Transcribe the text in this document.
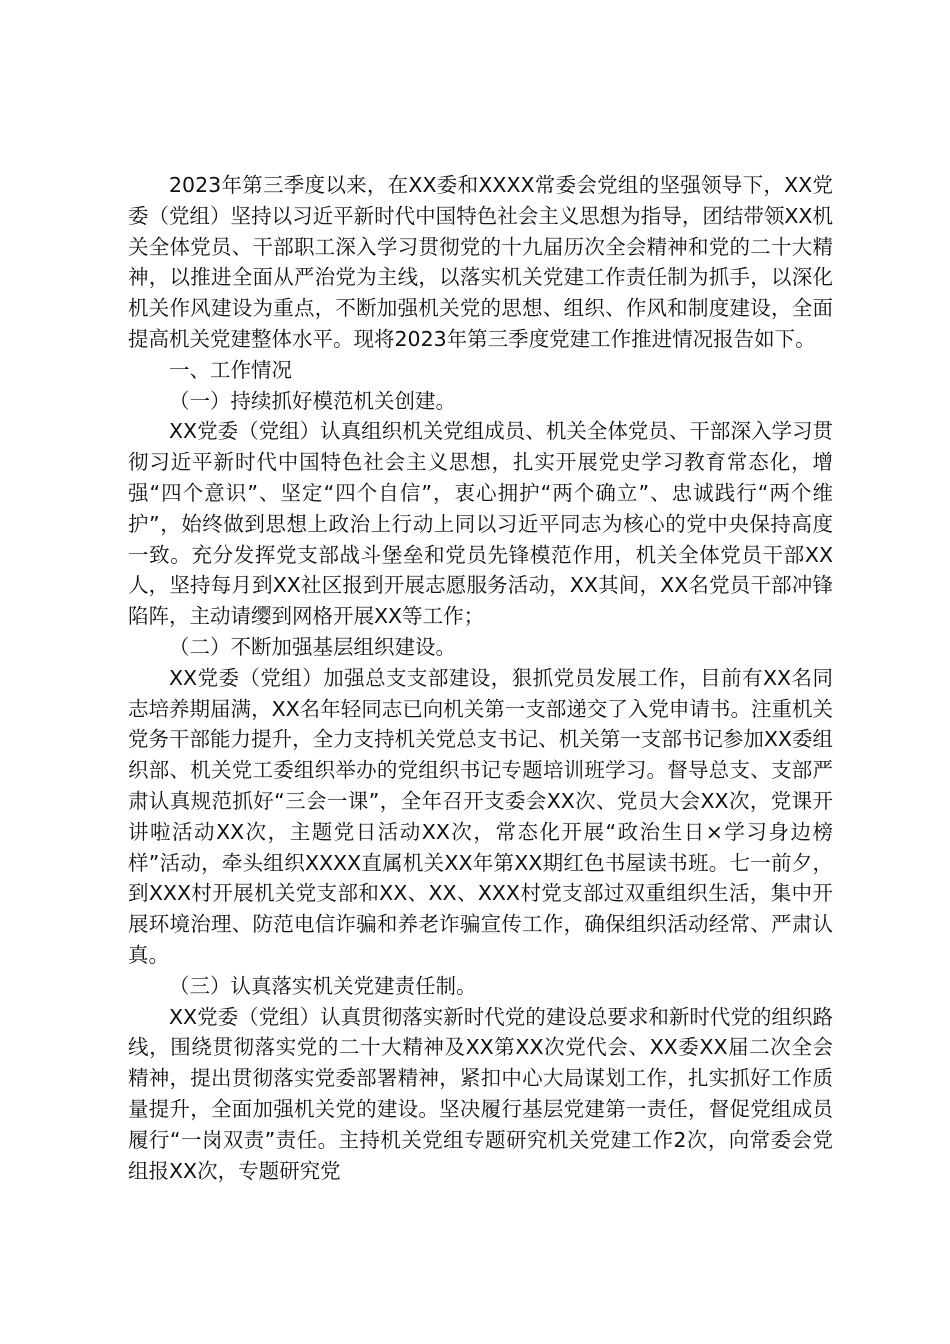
2023年第三季度以来，在XX委和XXXX常委会党组的坚强领导下，XX党委（党组）坚持以习近平新时代中国特色社会主义思想为指导，团结带领XX机关全体党员、干部职工深入学习贯彻党的十九届历次全会精神和党的二十大精神，以推进全面从严治党为主线，以落实机关党建工作责任制为抓手，以深化机关作风建设为重点，不断加强机关党的思想、组织、作风和制度建设，全面提高机关党建整体水平。现将2023年第三季度党建工作推进情况报告如下。

一、工作情况

（一）持续抓好模范机关创建。

XX党委（党组）认真组织机关党组成员、机关全体党员、干部深入学习贯彻习近平新时代中国特色社会主义思想，扎实开展党史学习教育常态化，增强“四个意识”、坚定“四个自信”，衷心拥护“两个确立”、忠诚践行“两个维护”，始终做到思想上政治上行动上同以习近平同志为核心的党中央保持高度一致。充分发挥党支部战斗堡垒和党员先锋模范作用，机关全体党员干部XX人，坚持每月到XX社区报到开展志愿服务活动，XX其间，XX名党员干部冲锋陷阵，主动请缨到网格开展XX等工作；

（二）不断加强基层组织建设。

XX党委（党组）加强总支支部建设，狠抓党员发展工作，目前有XX名同志培养期届满，XX名年轻同志已向机关第一支部递交了入党申请书。注重机关党务干部能力提升，全力支持机关党总支书记、机关第一支部书记参加XX委组织部、机关党工委组织举办的党组织书记专题培训班学习。督导总支、支部严肃认真规范抓好“三会一课”，全年召开支委会XX次、党员大会XX次，党课开讲啦活动XX次，主题党日活动XX次，常态化开展“政治生日×学习身边榜样”活动，牵头组织XXXX直属机关XX年第XX期红色书屋读书班。七一前夕，到XXX村开展机关党支部和XX、XX、XXX村党支部过双重组织生活，集中开展环境治理、防范电信诈骗和养老诈骗宣传工作，确保组织活动经常、严肃认真。

（三）认真落实机关党建责任制。

XX党委（党组）认真贯彻落实新时代党的建设总要求和新时代党的组织路线，围绕贯彻落实党的二十大精神及XX第XX次党代会、XX委XX届二次全会精神，提出贯彻落实党委部署精神，紧扣中心大局谋划工作，扎实抓好工作质量提升，全面加强机关党的建设。坚决履行基层党建第一责任，督促党组成员履行“一岗双责”责任。主持机关党组专题研究机关党建工作2次，向常委会党组报XX次，专题研究党
